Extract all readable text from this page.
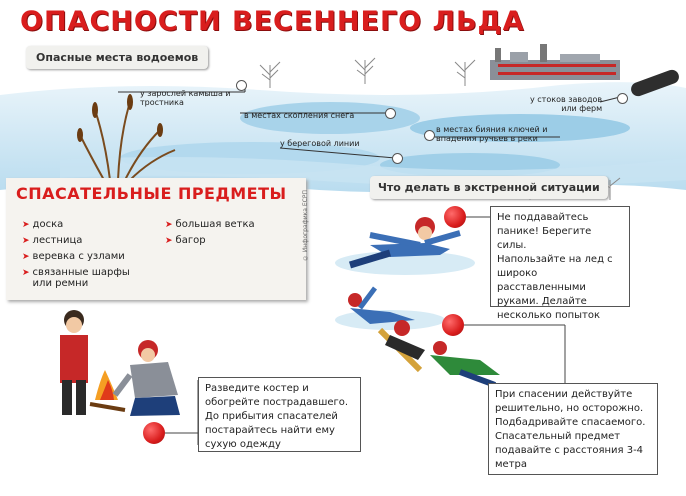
ОПАСНОСТИ ВЕСЕННЕГО ЛЬДА
Опасные места водоемов
у зарослей камыша и
тростника
в местах скопления снега
у береговой линии
у стоков заводов
или ферм
в местах бияния ключей и
впадения ручьев в реки
Что делать в экстренной ситуации
СПАСАТЕЛЬНЫЕ ПРЕДМЕТЫ
➤ доска
➤ лестница
➤ веревка с узлами
➤ связанные шарфы
или ремни
➤ большая ветка
➤ багор	© Инфографика ЕСРП	Не поддавайтесь
панике! Берегите силы.
Напользайте на лед с
широко расставленными
руками. Делайте
несколько попыток
При спасении действуйте
решительно, но осторожно.
Подбадривайте спасаемого.
Спасательный предмет
подавайте с расстояния 3-4
метра
Разведите костер и
обогрейте пострадавшего.
До прибытия спасателей
постарайтесь найти ему
сухую одежду
